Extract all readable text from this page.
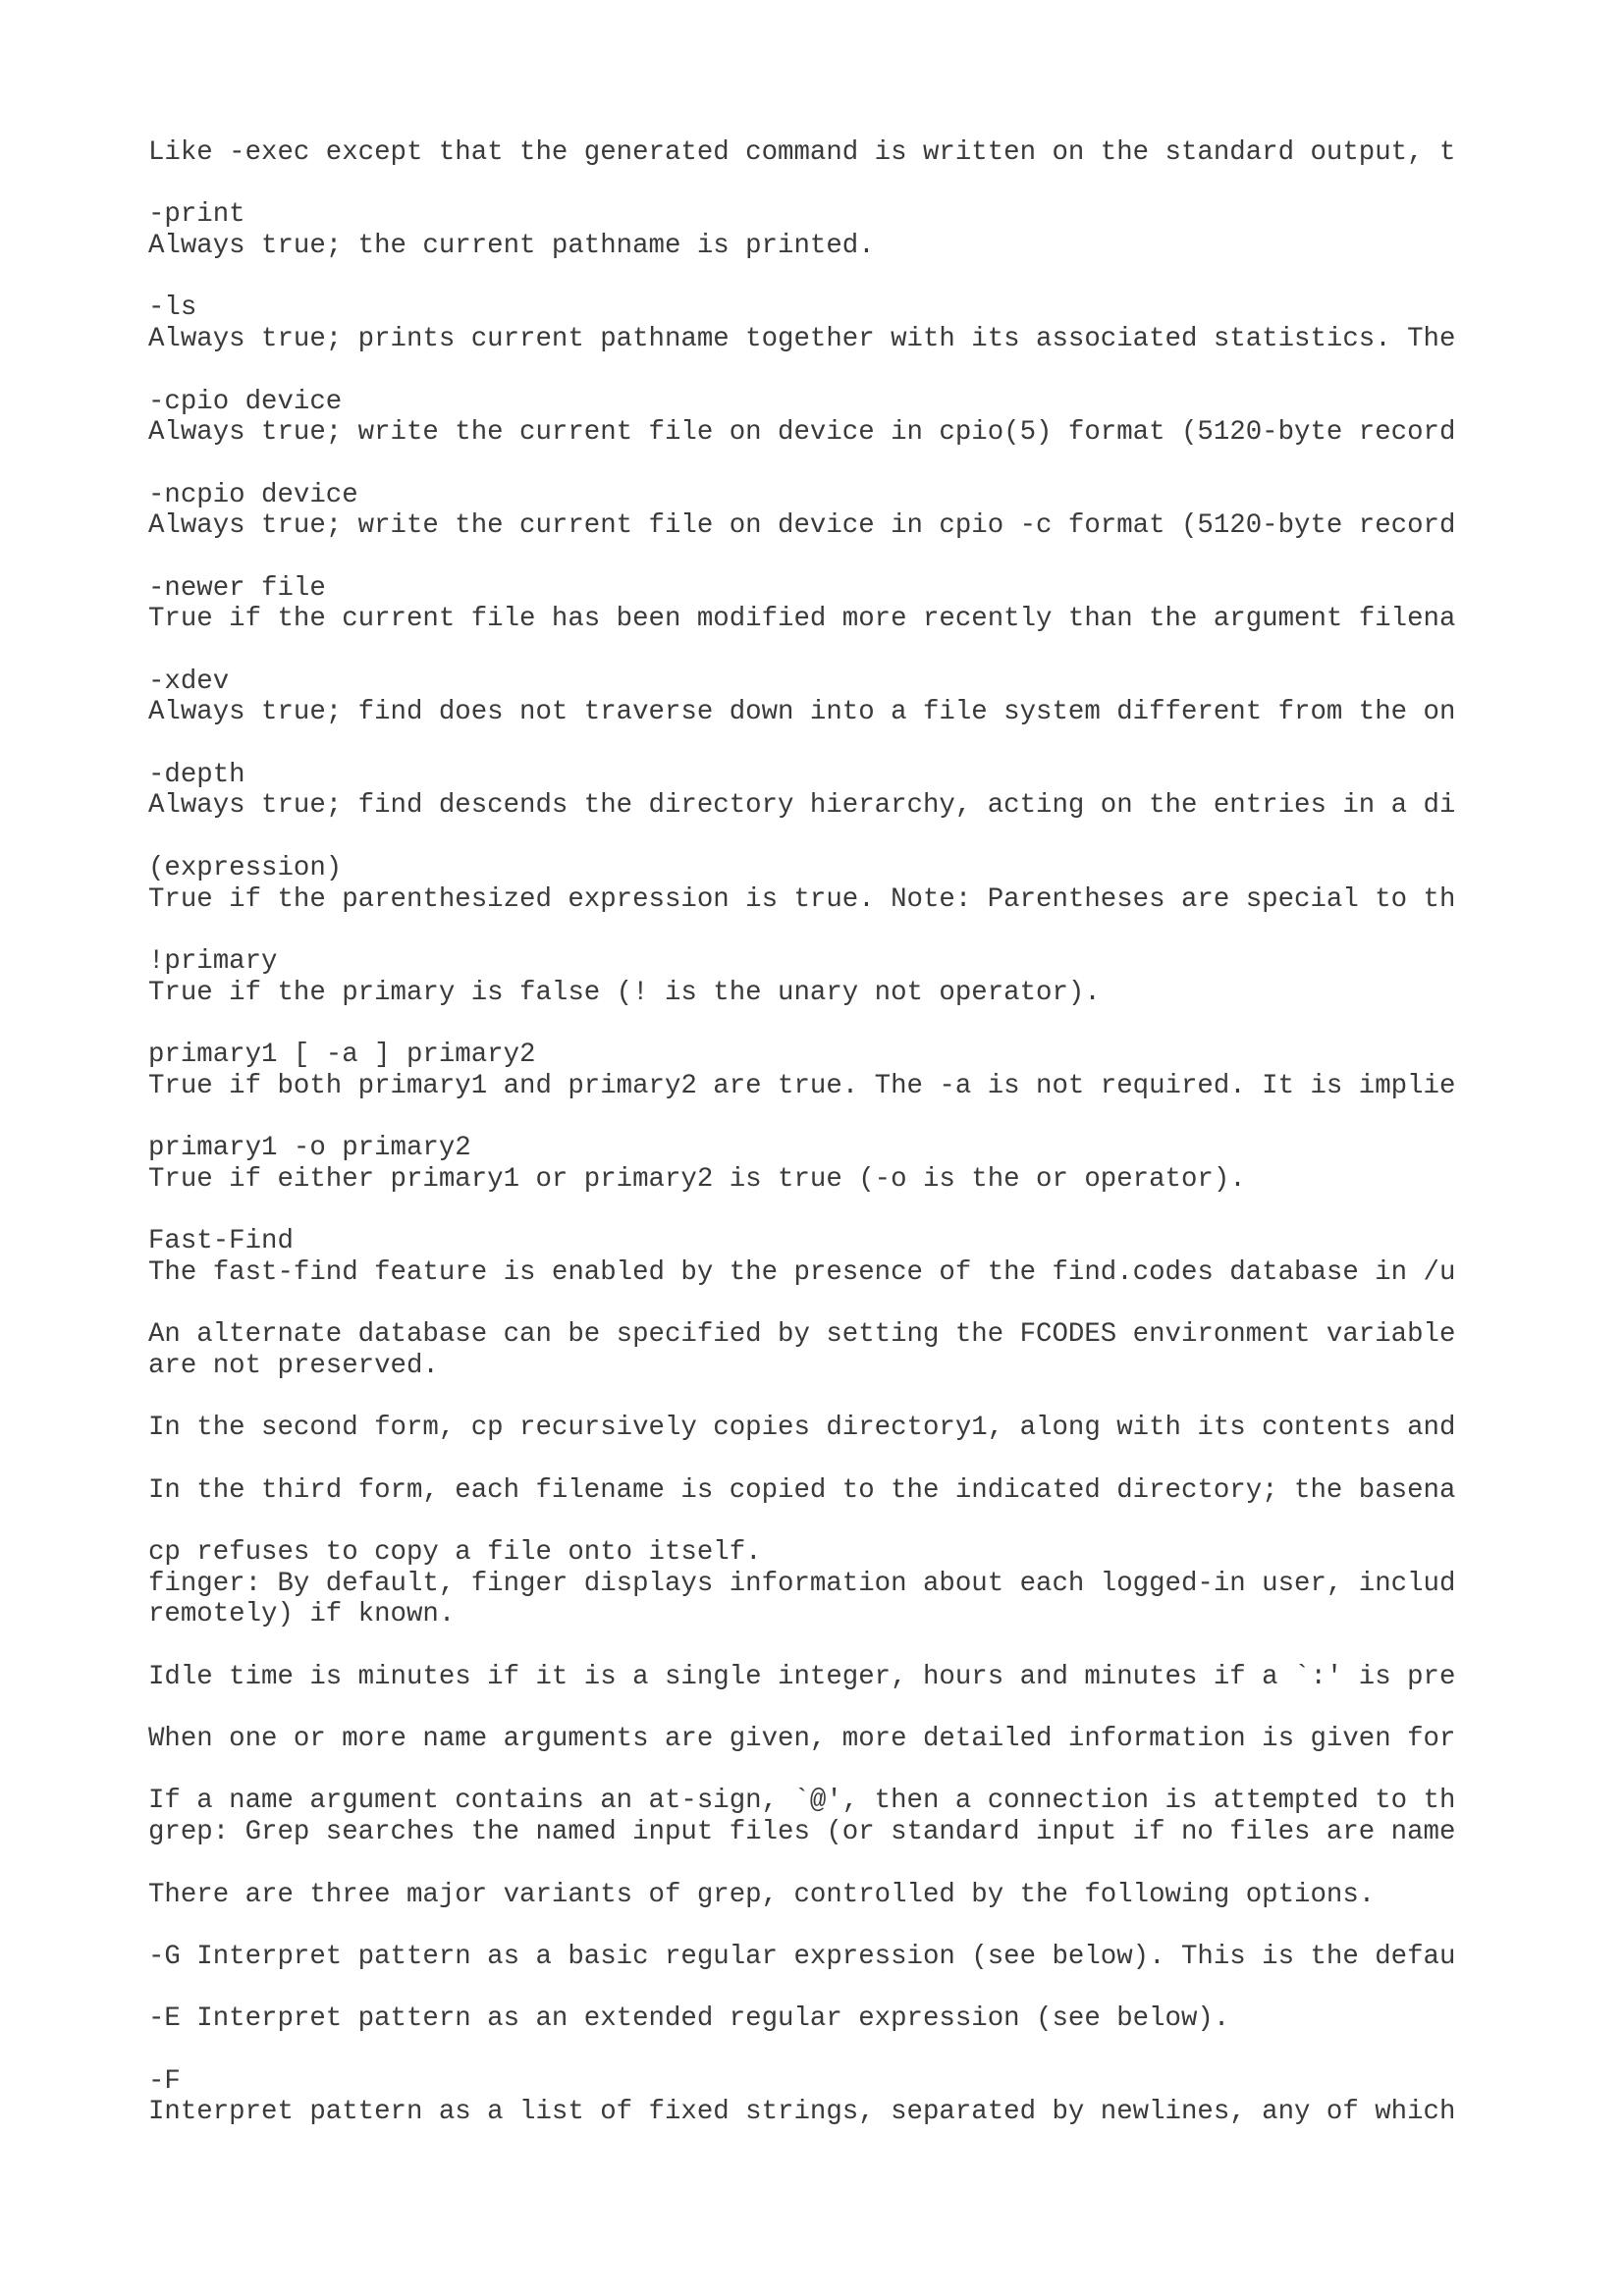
Like -exec except that the generated command is written on the standard output, t
-print
Always true; the current pathname is printed.
-ls
Always true; prints current pathname together with its associated statistics. The
-cpio device
Always true; write the current file on device in cpio(5) format (5120-byte record
-ncpio device
Always true; write the current file on device in cpio -c format (5120-byte record
-newer file
True if the current file has been modified more recently than the argument filena
-xdev
Always true; find does not traverse down into a file system different from the on
-depth
Always true; find descends the directory hierarchy, acting on the entries in a di
(expression)
True if the parenthesized expression is true. Note: Parentheses are special to th
!primary
True if the primary is false (! is the unary not operator).
primary1 [ -a ] primary2
True if both primary1 and primary2 are true. The -a is not required. It is implie
primary1 -o primary2
True if either primary1 or primary2 is true (-o is the or operator).
Fast-Find
The fast-find feature is enabled by the presence of the find.codes database in /u
An alternate database can be specified by setting the FCODES environment variable
are not preserved.
In the second form, cp recursively copies directory1, along with its contents and
In the third form, each filename is copied to the indicated directory; the basena
cp refuses to copy a file onto itself.
finger: By default, finger displays information about each logged-in user, includ
remotely) if known.
Idle time is minutes if it is a single integer, hours and minutes if a `:' is pre
When one or more name arguments are given, more detailed information is given for
If a name argument contains an at-sign, `@', then a connection is attempted to th
grep: Grep searches the named input files (or standard input if no files are name
There are three major variants of grep, controlled by the following options.
-G Interpret pattern as a basic regular expression (see below). This is the defau
-E Interpret pattern as an extended regular expression (see below).
-F
Interpret pattern as a list of fixed strings, separated by newlines, any of which
